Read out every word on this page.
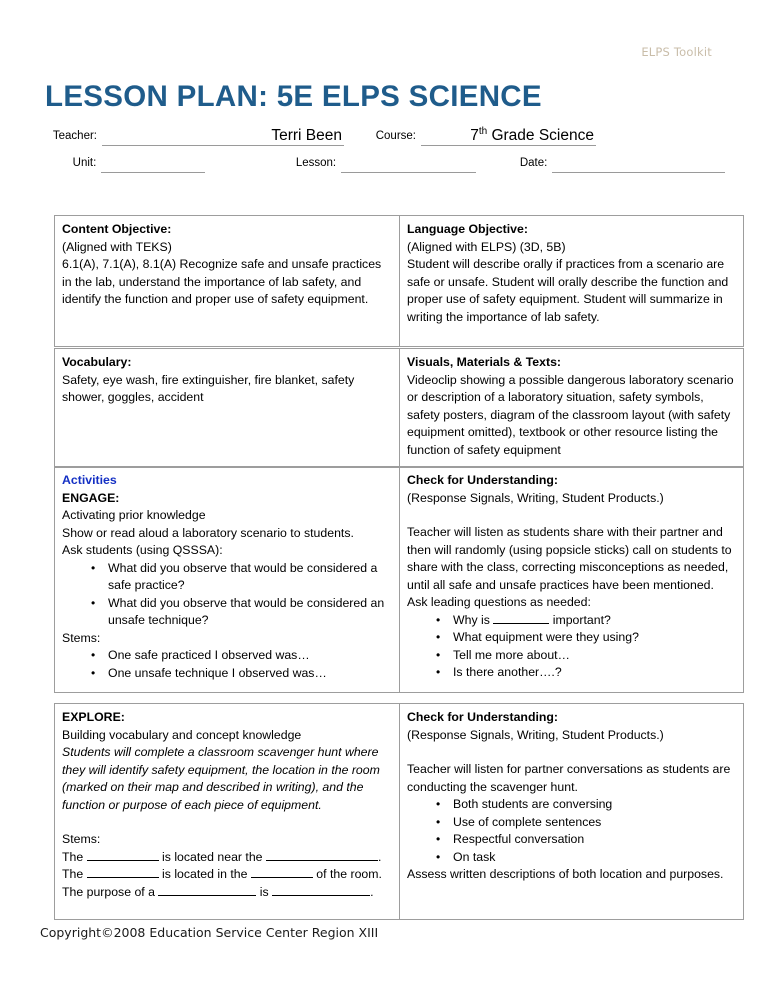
ELPS Toolkit
LESSON PLAN: 5E ELPS SCIENCE
Teacher:	Terri Been	Course:	7th Grade Science
Unit:	Lesson:	Date:
Content Objective:
(Aligned with TEKS)
6.1(A), 7.1(A), 8.1(A) Recognize safe and unsafe practices in the lab, understand the importance of lab safety, and identify the function and proper use of safety equipment.	Language Objective:
(Aligned with ELPS) (3D, 5B)
Student will describe orally if practices from a scenario are safe or unsafe. Student will orally describe the function and proper use of safety equipment. Student will summarize in writing the importance of lab safety.
Vocabulary:
Safety, eye wash, fire extinguisher, fire blanket, safety shower, goggles, accident	Visuals, Materials & Texts:
Videoclip showing a possible dangerous laboratory scenario or description of a laboratory situation, safety symbols, safety posters, diagram of the classroom layout (with safety equipment omitted), textbook or other resource listing the function of safety equipment
Activities
ENGAGE:
Activating prior knowledge
Show or read aloud a laboratory scenario to students.
Ask students (using QSSSA):
• What did you observe that would be considered a safe practice?
• What did you observe that would be considered an unsafe technique?
Stems:
• One safe practiced I observed was…
• One unsafe technique I observed was…
	Check for Understanding:
(Response Signals, Writing, Student Products.)
Teacher will listen as students share with their partner and then will randomly (using popsicle sticks) call on students to share with the class, correcting misconceptions as needed, until all safe and unsafe practices have been mentioned. Ask leading questions as needed:
• Why is	important?
• What equipment were they using?
• Tell me more about…
• Is there another….?
EXPLORE:
Building vocabulary and concept knowledge
Students will complete a classroom scavenger hunt where they will identify safety equipment, the location in the room (marked on their map and described in writing), and the function or purpose of each piece of equipment.
Stems:
The	is located near the	.
The	is located in the	of the room.
The purpose of a	is	.	Check for Understanding:
(Response Signals, Writing, Student Products.)
Teacher will listen for partner conversations as students are conducting the scavenger hunt.
• Both students are conversing
• Use of complete sentences
• Respectful conversation
• On task
Assess written descriptions of both location and purposes.
Copyright©2008 Education Service Center Region XIII
